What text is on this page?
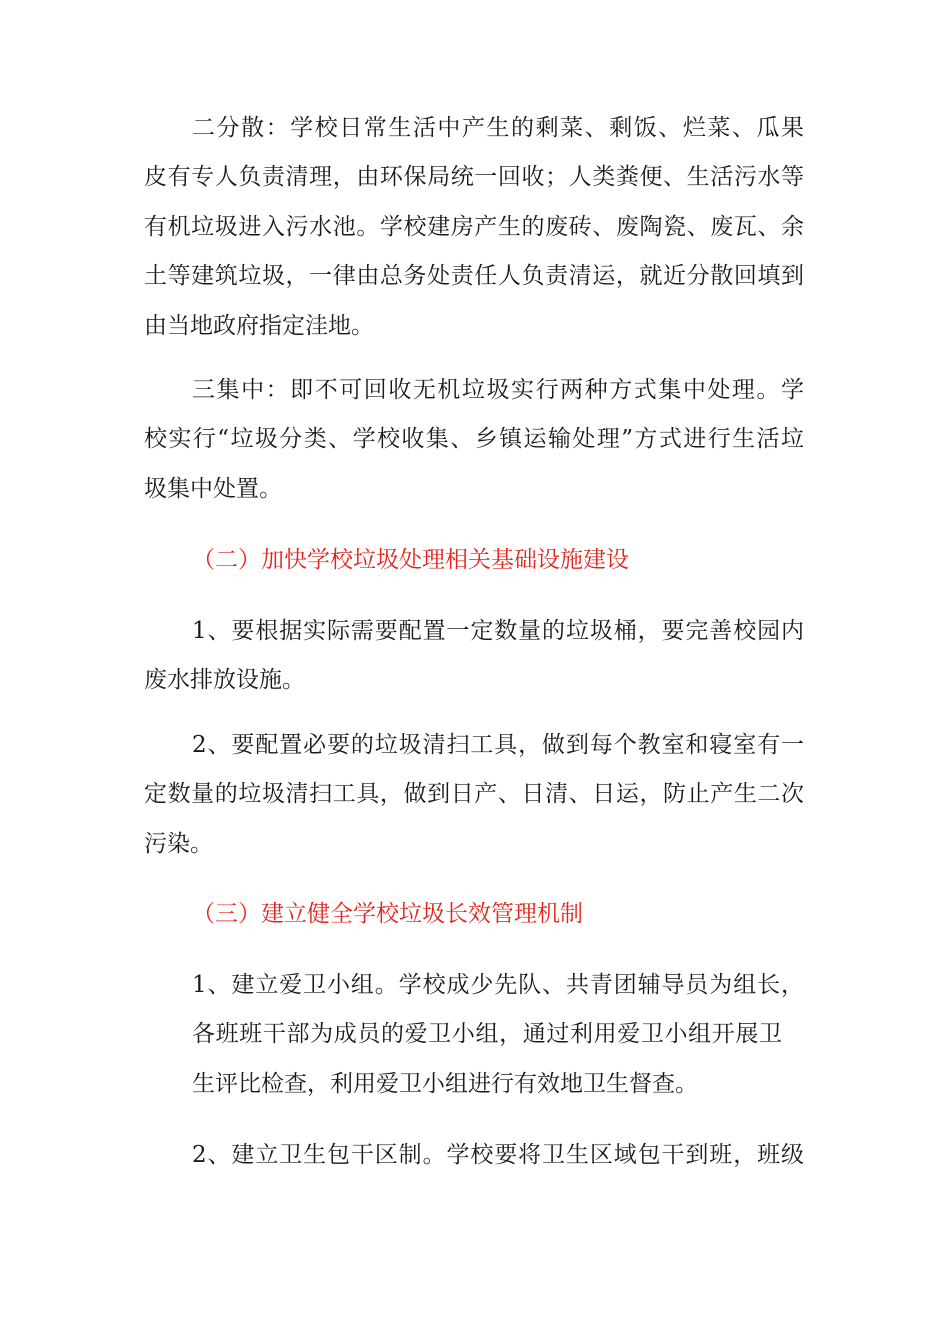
二分散：学校日常生活中产生的剩菜、剩饭、烂菜、瓜果
皮有专人负责清理，由环保局统一回收；人类粪便、生活污水等
有机垃圾进入污水池。学校建房产生的废砖、废陶瓷、废瓦、余
土等建筑垃圾，一律由总务处责任人负责清运，就近分散回填到
由当地政府指定洼地。
三集中：即不可回收无机垃圾实行两种方式集中处理。学
校实行“垃圾分类、学校收集、乡镇运输处理”方式进行生活垃
圾集中处置。
（二）加快学校垃圾处理相关基础设施建设
1、要根据实际需要配置一定数量的垃圾桶，要完善校园内
废水排放设施。
2、要配置必要的垃圾清扫工具，做到每个教室和寝室有一
定数量的垃圾清扫工具，做到日产、日清、日运，防止产生二次
污染。
（三）建立健全学校垃圾长效管理机制
1、建立爱卫小组。学校成少先队、共青团辅导员为组长，
各班班干部为成员的爱卫小组，通过利用爱卫小组开展卫
生评比检查，利用爱卫小组进行有效地卫生督查。
2、建立卫生包干区制。学校要将卫生区域包干到班，班级
